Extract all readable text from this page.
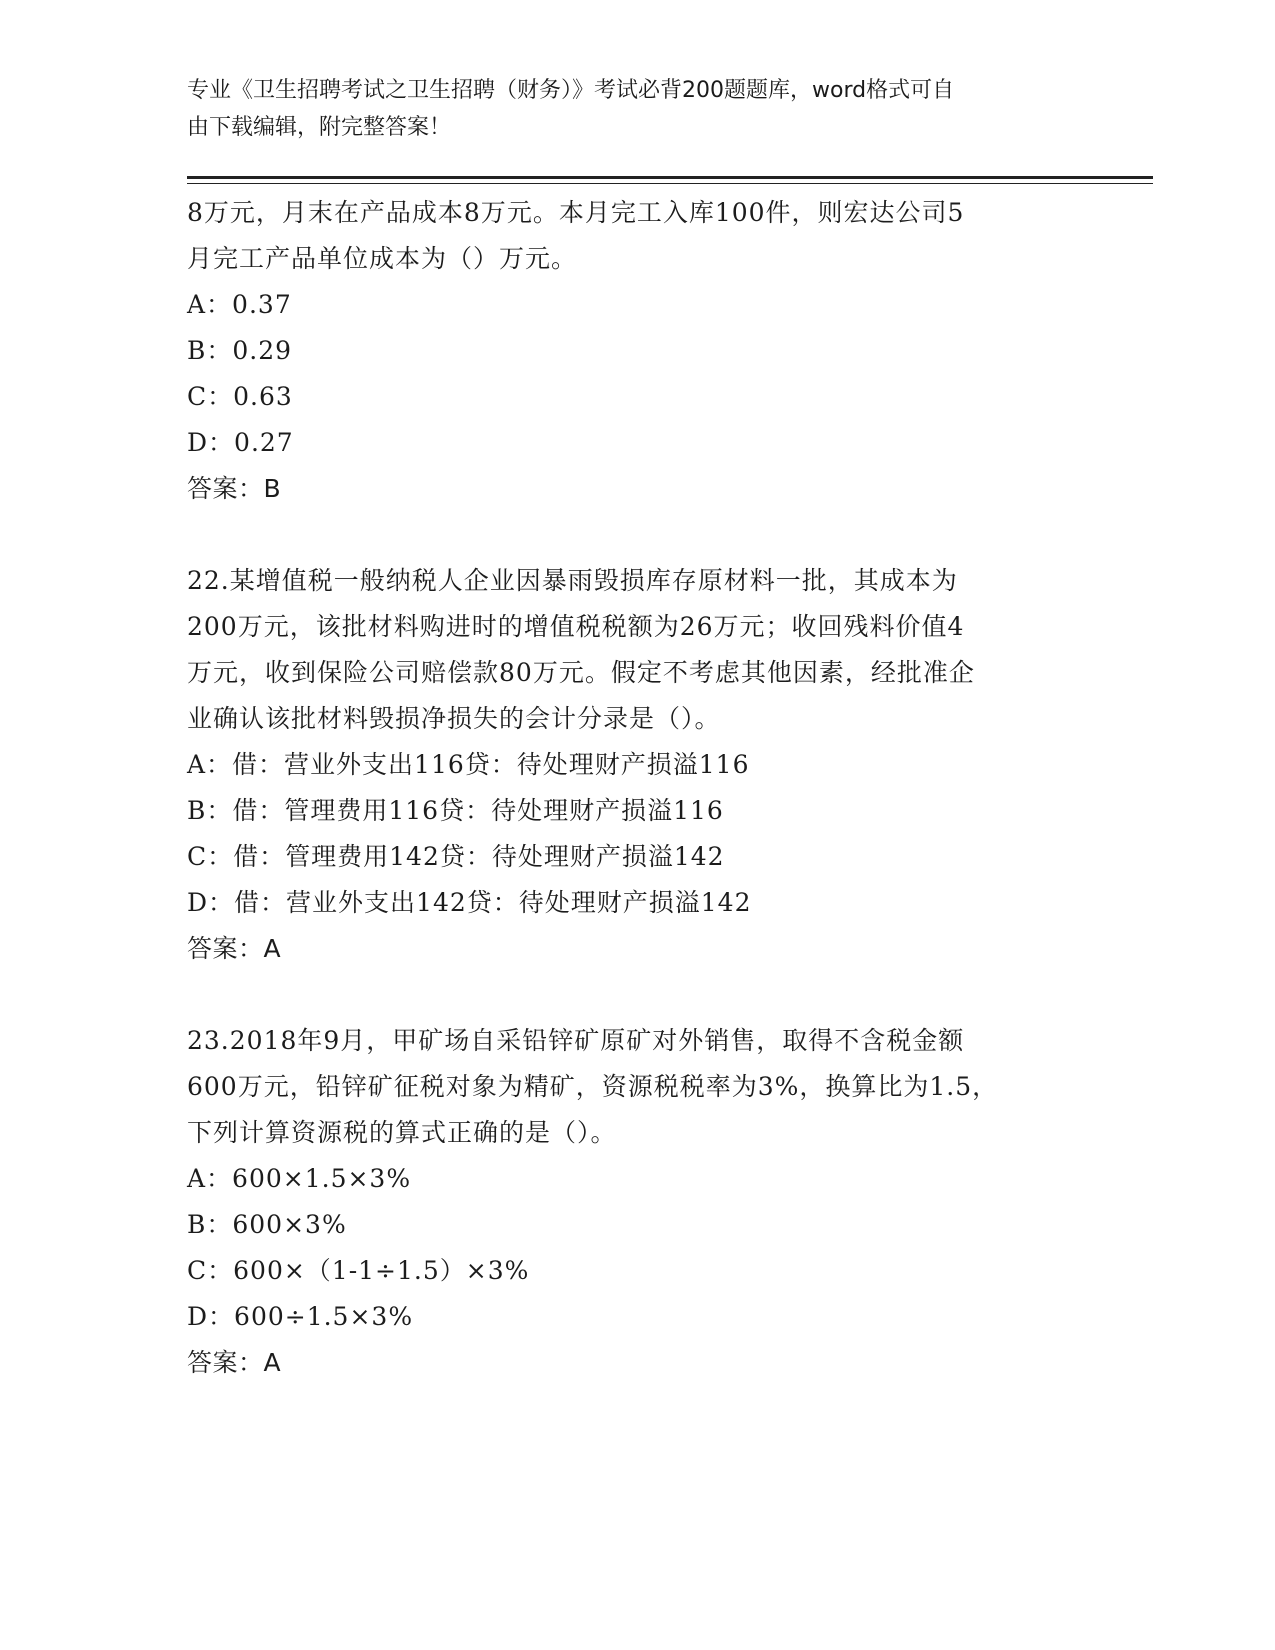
专业《卫生招聘考试之卫生招聘（财务）》考试必背200题题库，word格式可自
由下载编辑，附完整答案！
8万元，月末在产品成本8万元。本月完工入库100件，则宏达公司5
月完工产品单位成本为（）万元。
A：0.37
B：0.29
C：0.63
D：0.27
答案：B
22.某增值税一般纳税人企业因暴雨毁损库存原材料一批，其成本为
200万元，该批材料购进时的增值税税额为26万元；收回残料价值4
万元，收到保险公司赔偿款80万元。假定不考虑其他因素，经批准企
业确认该批材料毁损净损失的会计分录是（）。
A：借：营业外支出116贷：待处理财产损溢116
B：借：管理费用116贷：待处理财产损溢116
C：借：管理费用142贷：待处理财产损溢142
D：借：营业外支出142贷：待处理财产损溢142
答案：A
23.2018年9月，甲矿场自采铅锌矿原矿对外销售，取得不含税金额
600万元，铅锌矿征税对象为精矿，资源税税率为3%，换算比为1.5，
下列计算资源税的算式正确的是（）。
A：600×1.5×3%
B：600×3%
C：600×（1-1÷1.5）×3%
D：600÷1.5×3%
答案：A
